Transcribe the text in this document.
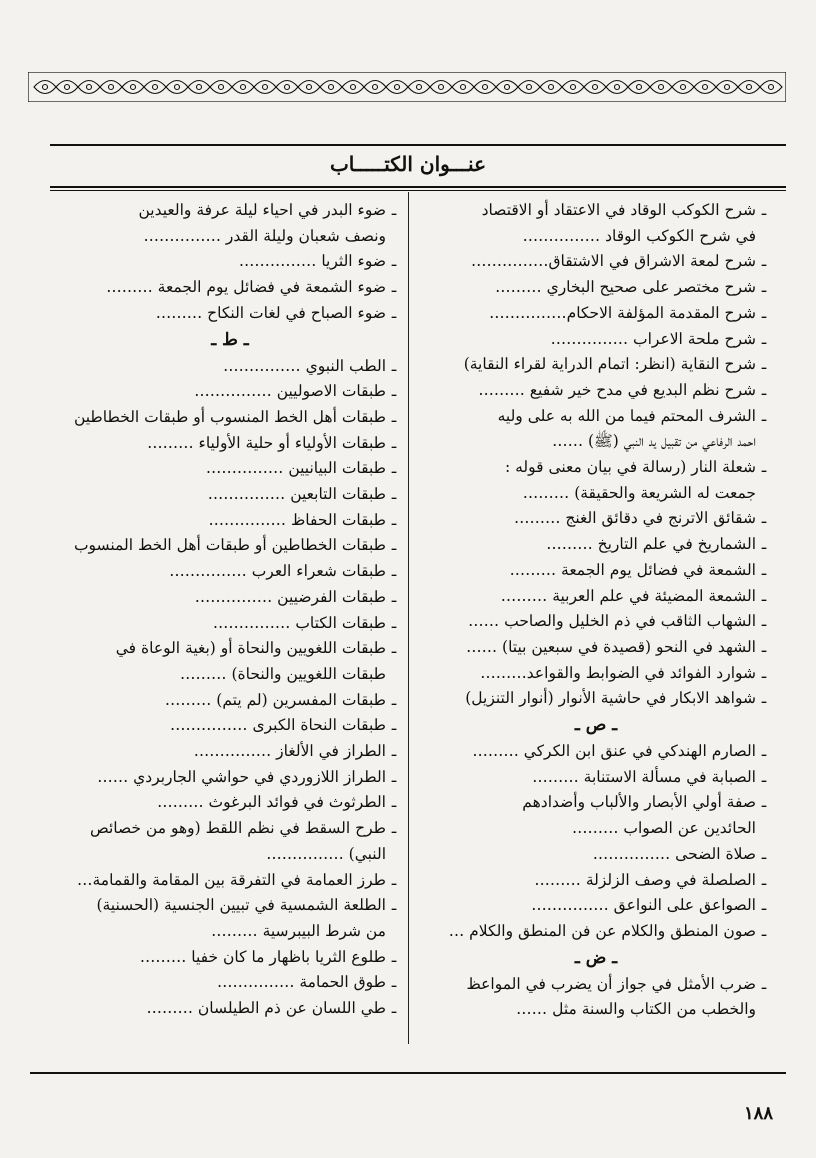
عنـــوان الكتـــــاب
ـشرح الكوكب الوقاد في الاعتقاد أو الاقتصاد
في شرح الكوكب الوقاد ……………
ـشرح لمعة الاشراق في الاشتقاق……………
ـشرح مختصر على صحيح البخاري ………
ـشرح المقدمة المؤلفة الاحكام……………
ـشرح ملحة الاعراب ……………
ـشرح النقاية (انظر: اتمام الدراية لقراء النقاية)
ـشرح نظم البديع في مدح خير شفيع ………
ـالشرف المحتم فيما من الله به على وليه
احمد الرفاعي من تقبيل يد النبي (ﷺ) ……
ـشعلة النار (رسالة في بيان معنى قوله :
جمعت له الشريعة والحقيقة) ………
ـشقائق الاترنج في دقائق الغنج ………
ـالشماريخ في علم التاريخ ………
ـالشمعة في فضائل يوم الجمعة ………
ـالشمعة المضيئة في علم العربية ………
ـالشهاب الثاقب في ذم الخليل والصاحب ……
ـالشهد في النحو (قصيدة في سبعين بيتا) ……
ـشوارد الفوائد في الضوابط والقواعد………
ـشواهد الابكار في حاشية الأنوار (أنوار التنزيل)
ـ ص ـ
ـالصارم الهندكي في عنق ابن الكركي ………
ـالصبابة في مسألة الاستنابة ………
ـصفة أولي الأبصار والألباب وأضدادهم
الحائدين عن الصواب ………
ـصلاة الضحى ……………
ـالصلصلة في وصف الزلزلة ………
ـالصواعق على النواعق ……………
ـصون المنطق والكلام عن فن المنطق والكلام …
ـ ض ـ
ـضرب الأمثل في جواز أن يضرب في المواعظ
والخطب من الكتاب والسنة مثل ……
ـضوء البدر في احياء ليلة عرفة والعيدين
ونصف شعبان وليلة القدر ……………
ـضوء الثريا ……………
ـضوء الشمعة في فضائل يوم الجمعة ………
ـضوء الصباح في لغات النكاح ………
ـ ط ـ
ـالطب النبوي ……………
ـطبقات الاصوليين ……………
ـطبقات أهل الخط المنسوب أو طبقات الخطاطين
ـطبقات الأولياء أو حلية الأولياء ………
ـطبقات البيانيين ……………
ـطبقات التابعين ……………
ـطبقات الحفاظ ……………
ـطبقات الخطاطين أو طبقات أهل الخط المنسوب
ـطبقات شعراء العرب ……………
ـطبقات الفرضيين ……………
ـطبقات الكتاب ……………
ـطبقات اللغويين والنحاة أو (بغية الوعاة في
طبقات اللغويين والنحاة) ………
ـطبقات المفسرين (لم يتم) ………
ـطبقات النحاة الكبرى ……………
ـالطراز في الألغاز ……………
ـالطراز اللازوردي في حواشي الجاربردي ……
ـالطرثوث في فوائد البرغوث ………
ـطرح السقط في نظم اللقط (وهو من خصائص
النبي) ……………
ـطرز العمامة في التفرقة بين المقامة والقمامة…
ـالطلعة الشمسية في تبيين الجنسية (الحسنية)
من شرط البيبرسية ………
ـطلوع الثريا باظهار ما كان خفيا ………
ـطوق الحمامة ……………
ـطي اللسان عن ذم الطيلسان ………
١٨٨
